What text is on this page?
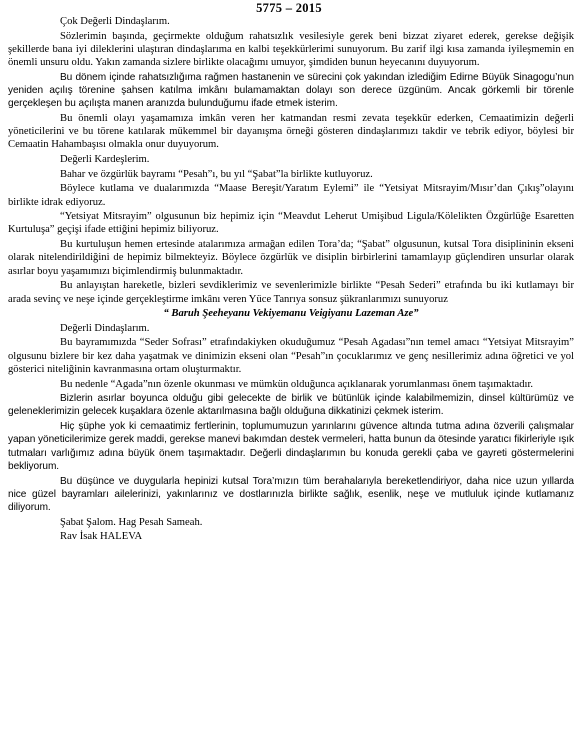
5775 – 2015

Çok Değerli Dindaşlarım.

Sözlerimin başında, geçirmekte olduğum rahatsızlık vesilesiyle gerek beni bizzat ziyaret ederek, gerekse değişik şekillerde bana iyi dileklerini ulaştıran dindaşlarıma en kalbi teşekkürlerimi sunuyorum. Bu zarif ilgi kısa zamanda iyileşmemin en önemli unsuru oldu. Yakın zamanda sizlere birlikte olacağımı umuyor, şimdiden bunun heyecanını duyuyorum.

Bu dönem içinde rahatsızlığıma rağmen hastanenin ve sürecini çok yakından izlediğim Edirne Büyük Sinagogu’nun yeniden açılış törenine şahsen katılma imkânı bulamamaktan dolayı son derece üzgünüm. Ancak görkemli bir törenle gerçekleşen bu açılışta manen aranızda bulunduğumu ifade etmek isterim.

Bu önemli olayı yaşamamıza imkân veren her katmandan resmi zevata teşekkür ederken, Cemaatimizin değerli yöneticilerini ve bu törene katılarak mükemmel bir dayanışma örneği gösteren dindaşlarımızı takdir ve tebrik ediyor, böylesi bir Cemaatin Hahambaşısı olmakla onur duyuyorum.

Değerli Kardeşlerim.

Bahar ve özgürlük bayramı “Pesah”ı, bu yıl “Şabat”la birlikte kutluyoruz.

Böylece kutlama ve dualarımızda “Maase Bereşit/Yaratım Eylemi” ile “Yetsiyat Mitsrayim/Mısır’dan Çıkış”olayını birlikte idrak ediyoruz.

“Yetsiyat Mitsrayim” olgusunun biz hepimiz için “Meavdut Leherut Umişibud Ligula/Kölelikten Özgürlüğe Esaretten Kurtuluşa” geçişi ifade ettiğini hepimiz biliyoruz.

Bu kurtuluşun hemen ertesinde atalarımıza armağan edilen Tora’da; “Şabat” olgusunun, kutsal Tora disiplininin ekseni olarak nitelendirildiğini de hepimiz bilmekteyiz. Böylece özgürlük ve disiplin birbirlerini tamamlayıp güçlendiren unsurlar olarak asırlar boyu yaşamımızı biçimlendirmiş bulunmaktadır.

Bu anlayıştan hareketle, bizleri sevdiklerimiz ve sevenlerimizle birlikte “Pesah Sederi” etrafında bu iki kutlamayı bir arada sevinç ve neşe içinde gerçekleştirme imkânı veren Yüce Tanrıya sonsuz şükranlarımızı sunuyoruz

“ Baruh Şeeheyanu Vekiyemanu Veigiyanu Lazeman Aze”

Değerli Dindaşlarım.

Bu bayramımızda “Seder Sofrası” etrafındakiyken okuduğumuz “Pesah Agadası”nın temel amacı “Yetsiyat Mitsrayim” olgusunu bizlere bir kez daha yaşatmak ve dinimizin ekseni olan “Pesah”ın çocuklarımız ve genç nesillerimiz adına öğretici ve yol gösterici niteliğinin kavranmasına ortam oluşturmaktır.

Bu nedenle “Agada”nın özenle okunması ve mümkün olduğunca açıklanarak yorumlanması önem taşımaktadır.

Bizlerin asırlar boyunca olduğu gibi gelecekte de birlik ve bütünlük içinde kalabilmemizin, dinsel kültürümüz ve geleneklerimizin gelecek kuşaklara özenle aktarılmasına bağlı olduğuna dikkatinizi çekmek isterim.

Hiç şüphe yok ki cemaatimiz fertlerinin, toplumumuzun yarınlarını güvence altında tutma adına özverili çalışmalar yapan yöneticilerimize gerek maddi, gerekse manevi bakımdan destek vermeleri, hatta bunun da ötesinde yaratıcı fikirleriyle ışık tutmaları varlığımız adına büyük önem taşımaktadır. Değerli dindaşlarımın bu konuda gerekli çaba ve gayreti göstermelerini bekliyorum.

Bu düşünce ve duygularla hepinizi kutsal Tora’mızın tüm berahalarıyla bereketlendiriyor, daha nice uzun yıllarda nice güzel bayramları ailelerinizi, yakınlarınız ve dostlarınızla birlikte sağlık, esenlik, neşe ve mutluluk içinde kutlamanız diliyorum.

Şabat Şalom. Hag Pesah Sameah.

Rav İsak HALEVA
